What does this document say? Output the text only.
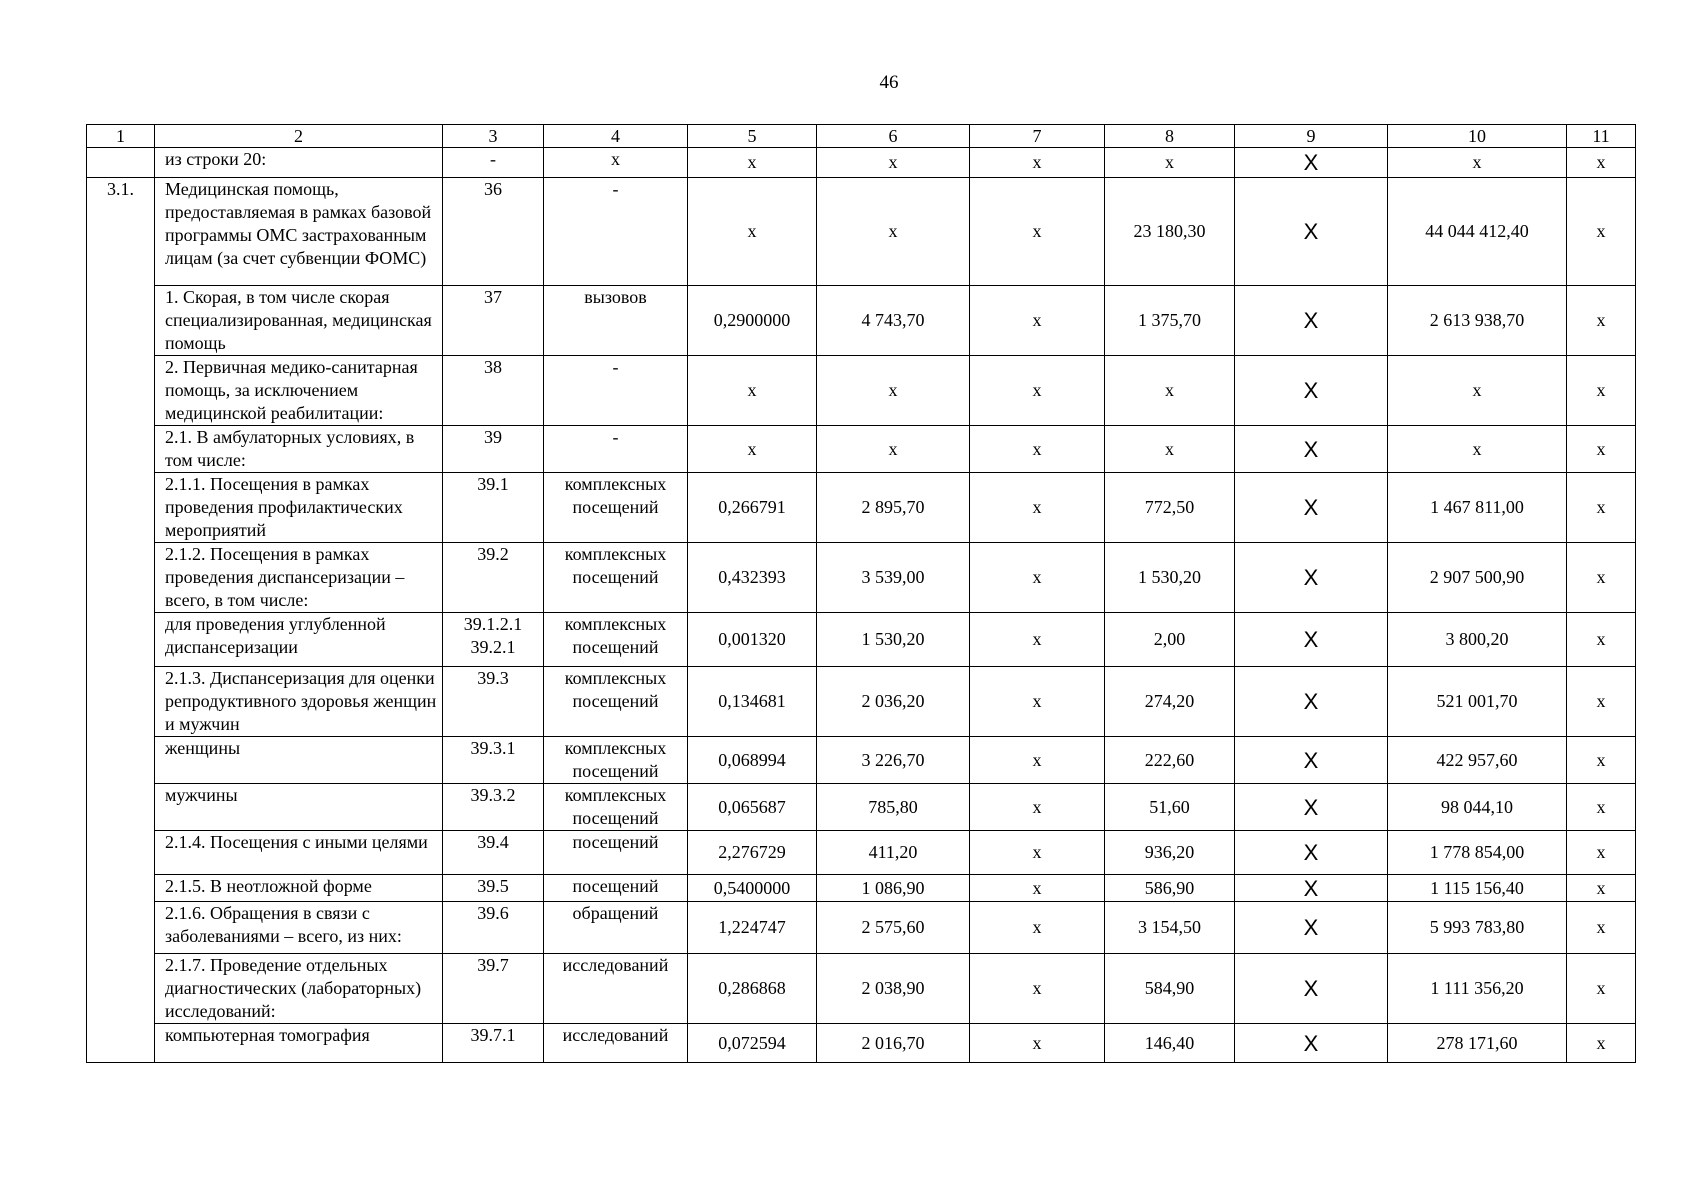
46
1	2	3	4	5	6	7	8	9	10	11
	из строки 20:	-	х	х	х	х	х	Х	х	х
3.1.	Медицинская помощь, предоставляемая в рамках базовой программы ОМС застрахованным лицам (за счет субвенции ФОМС)	36	-	х	х	х	23 180,30	Х	44 044 412,40	х
	1. Скорая, в том числе скорая специализированная, медицинская помощь	37	вызовов	0,2900000	4 743,70	х	1 375,70	Х	2 613 938,70	х
	2. Первичная медико-санитарная помощь, за исключением медицинской реабилитации:	38	-	х	х	х	х	Х	х	х
	2.1. В амбулаторных условиях, в том числе:	39	-	х	х	х	х	Х	х	х
	2.1.1. Посещения в рамках проведения профилактических мероприятий	39.1	комплексных посещений	0,266791	2 895,70	х	772,50	Х	1 467 811,00	х
	2.1.2. Посещения в рамках проведения диспансеризации – всего, в том числе:	39.2	комплексных посещений	0,432393	3 539,00	х	1 530,20	Х	2 907 500,90	х
	для проведения углубленной диспансеризации	39.1.2.1 39.2.1	комплексных посещений	0,001320	1 530,20	х	2,00	Х	3 800,20	х
	2.1.3. Диспансеризация для оценки репродуктивного здоровья женщин и мужчин	39.3	комплексных посещений	0,134681	2 036,20	х	274,20	Х	521 001,70	х
	женщины	39.3.1	комплексных посещений	0,068994	3 226,70	х	222,60	Х	422 957,60	х
	мужчины	39.3.2	комплексных посещений	0,065687	785,80	х	51,60	Х	98 044,10	х
	2.1.4. Посещения с иными целями	39.4	посещений	2,276729	411,20	х	936,20	Х	1 778 854,00	х
	2.1.5. В неотложной форме	39.5	посещений	0,5400000	1 086,90	х	586,90	Х	1 115 156,40	х
	2.1.6. Обращения в связи с заболеваниями – всего, из них:	39.6	обращений	1,224747	2 575,60	х	3 154,50	Х	5 993 783,80	х
	2.1.7. Проведение отдельных диагностических (лабораторных) исследований:	39.7	исследований	0,286868	2 038,90	х	584,90	Х	1 111 356,20	х
	компьютерная томография	39.7.1	исследований	0,072594	2 016,70	х	146,40	Х	278 171,60	х
